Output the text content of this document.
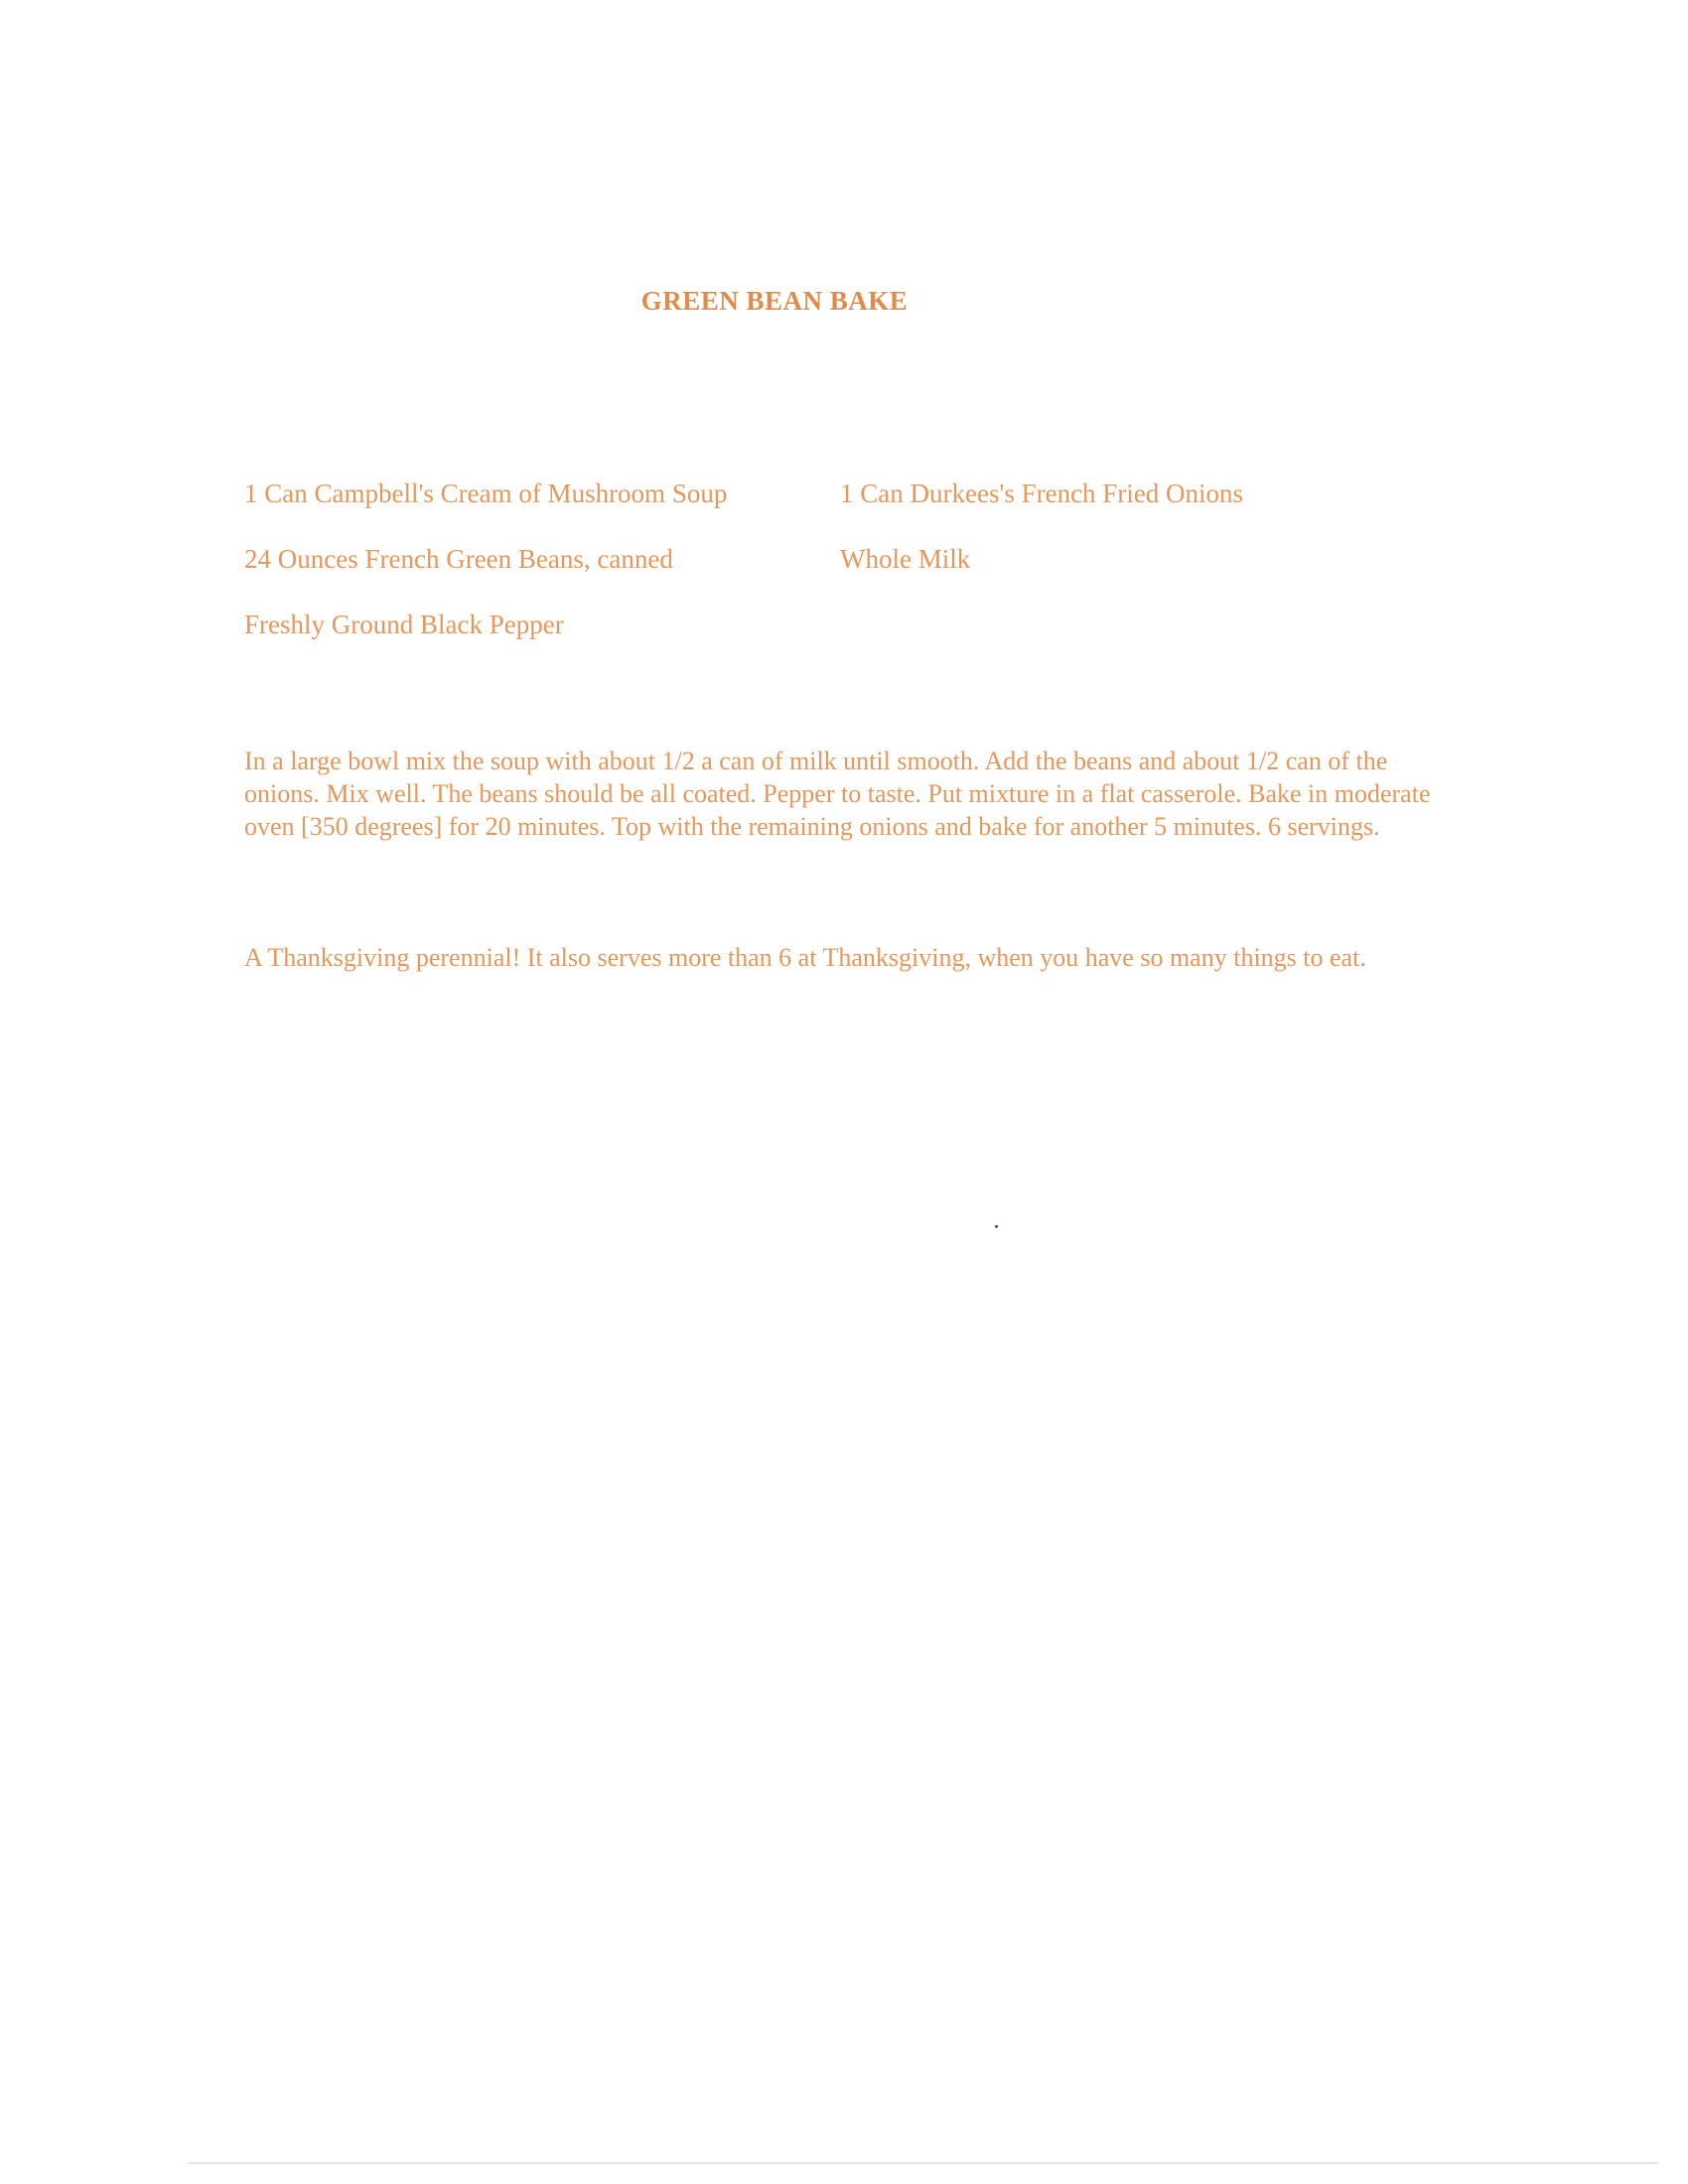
GREEN BEAN BAKE
1 Can Campbell's Cream of Mushroom Soup	1 Can Durkees's French Fried Onions
24 Ounces French Green Beans, canned	Whole Milk
Freshly Ground Black Pepper

In a large bowl mix the soup with about 1/2 a can of milk until smooth. Add the beans and about 1/2 can of the onions. Mix well. The beans should be all coated. Pepper to taste. Put mixture in a flat casserole. Bake in moderate oven [350 degrees] for 20 minutes. Top with the remaining onions and bake for another 5 minutes. 6 servings.

A Thanksgiving perennial! It also serves more than 6 at Thanksgiving, when you have so many things to eat.
